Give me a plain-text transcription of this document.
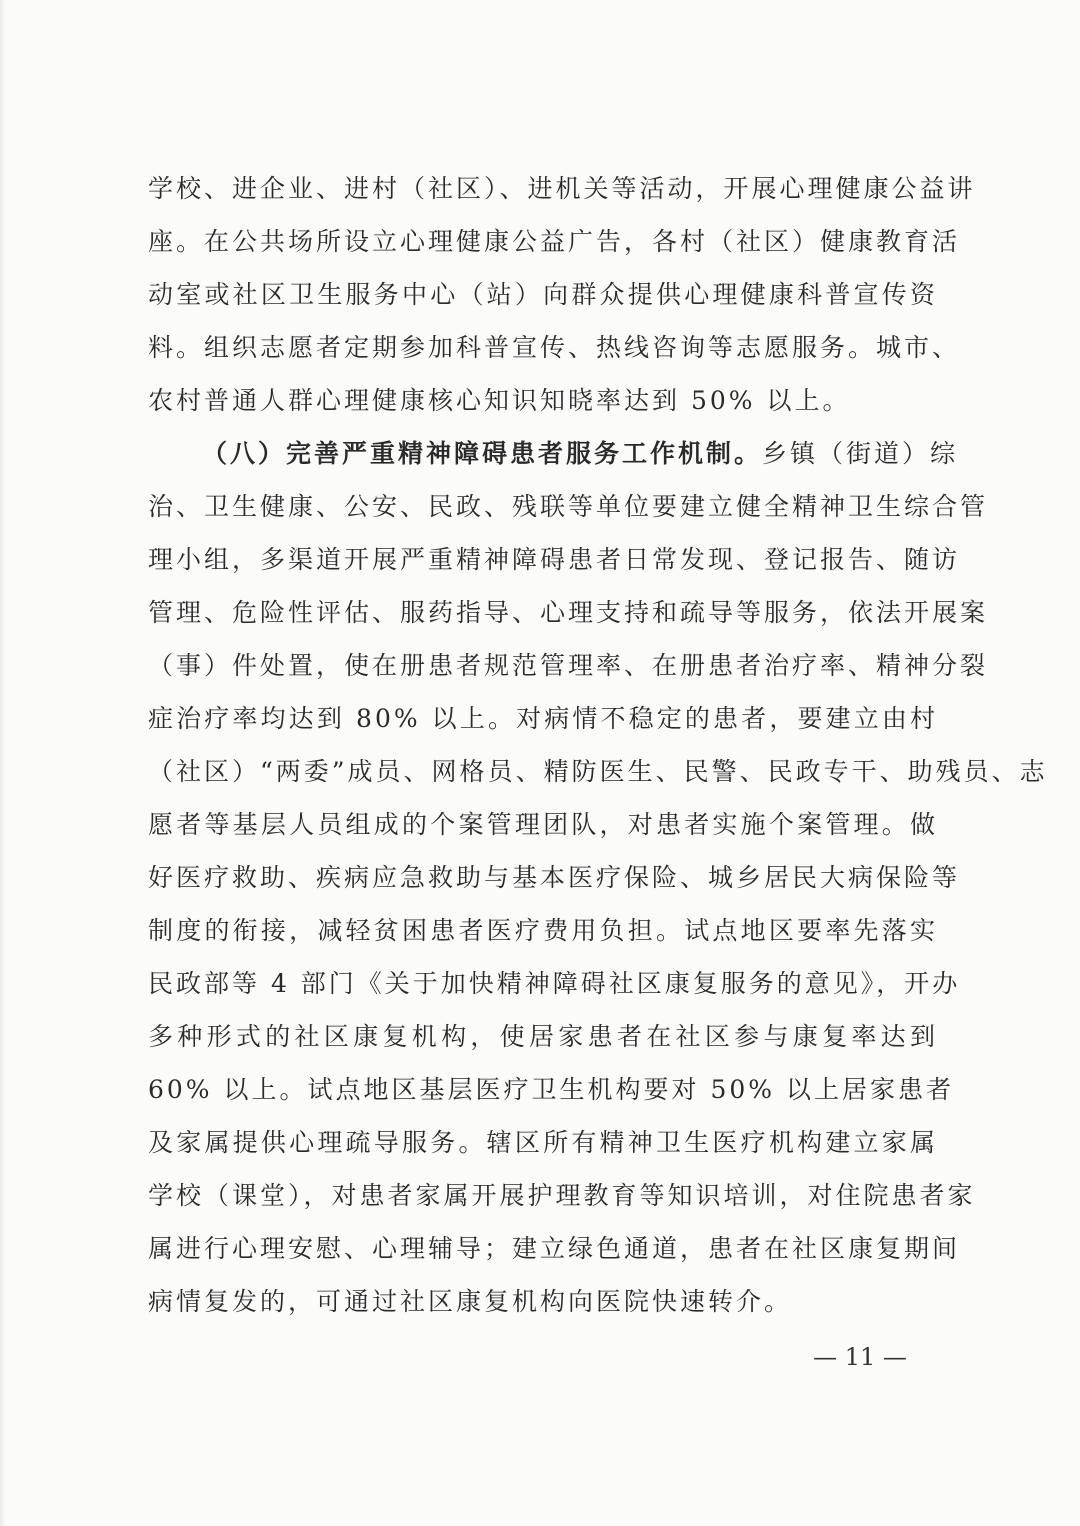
学校、进企业、进村（社区）、进机关等活动，开展心理健康公益讲
座。在公共场所设立心理健康公益广告，各村（社区）健康教育活
动室或社区卫生服务中心（站）向群众提供心理健康科普宣传资
料。组织志愿者定期参加科普宣传、热线咨询等志愿服务。城市、
农村普通人群心理健康核心知识知晓率达到 50% 以上。
（八）完善严重精神障碍患者服务工作机制。乡镇（街道）综
治、卫生健康、公安、民政、残联等单位要建立健全精神卫生综合管
理小组，多渠道开展严重精神障碍患者日常发现、登记报告、随访
管理、危险性评估、服药指导、心理支持和疏导等服务，依法开展案
（事）件处置，使在册患者规范管理率、在册患者治疗率、精神分裂
症治疗率均达到 80% 以上。对病情不稳定的患者，要建立由村
（社区）“两委”成员、网格员、精防医生、民警、民政专干、助残员、志
愿者等基层人员组成的个案管理团队，对患者实施个案管理。做
好医疗救助、疾病应急救助与基本医疗保险、城乡居民大病保险等
制度的衔接，减轻贫困患者医疗费用负担。试点地区要率先落实
民政部等 4 部门《关于加快精神障碍社区康复服务的意见》，开办
多种形式的社区康复机构，使居家患者在社区参与康复率达到
60% 以上。试点地区基层医疗卫生机构要对 50% 以上居家患者
及家属提供心理疏导服务。辖区所有精神卫生医疗机构建立家属
学校（课堂），对患者家属开展护理教育等知识培训，对住院患者家
属进行心理安慰、心理辅导；建立绿色通道，患者在社区康复期间
病情复发的，可通过社区康复机构向医院快速转介。
— 11 —
